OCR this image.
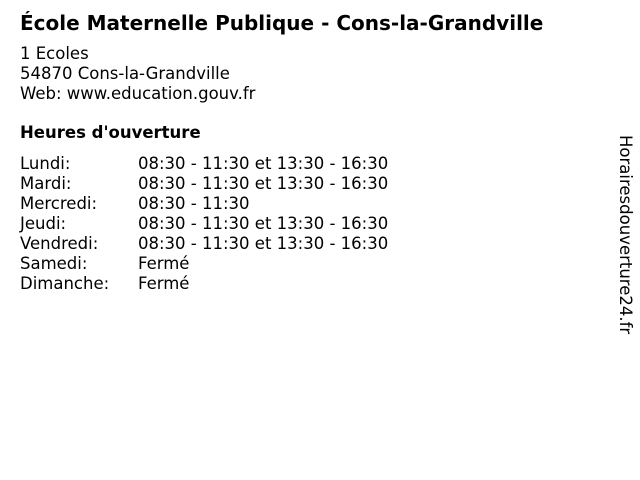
École Maternelle Publique - Cons-la-Grandville
1 Ecoles
54870 Cons-la-Grandville
Web: www.education.gouv.fr
Heures d'ouverture
Lundi:	08:30 - 11:30 et 13:30 - 16:30
Mardi:	08:30 - 11:30 et 13:30 - 16:30
Mercredi: 08:30 - 11:30
Jeudi:	08:30 - 11:30 et 13:30 - 16:30
Vendredi: 08:30 - 11:30 et 13:30 - 16:30
Samedi:	Fermé
Dimanche: Fermé	Horairesdouverture24.fr
